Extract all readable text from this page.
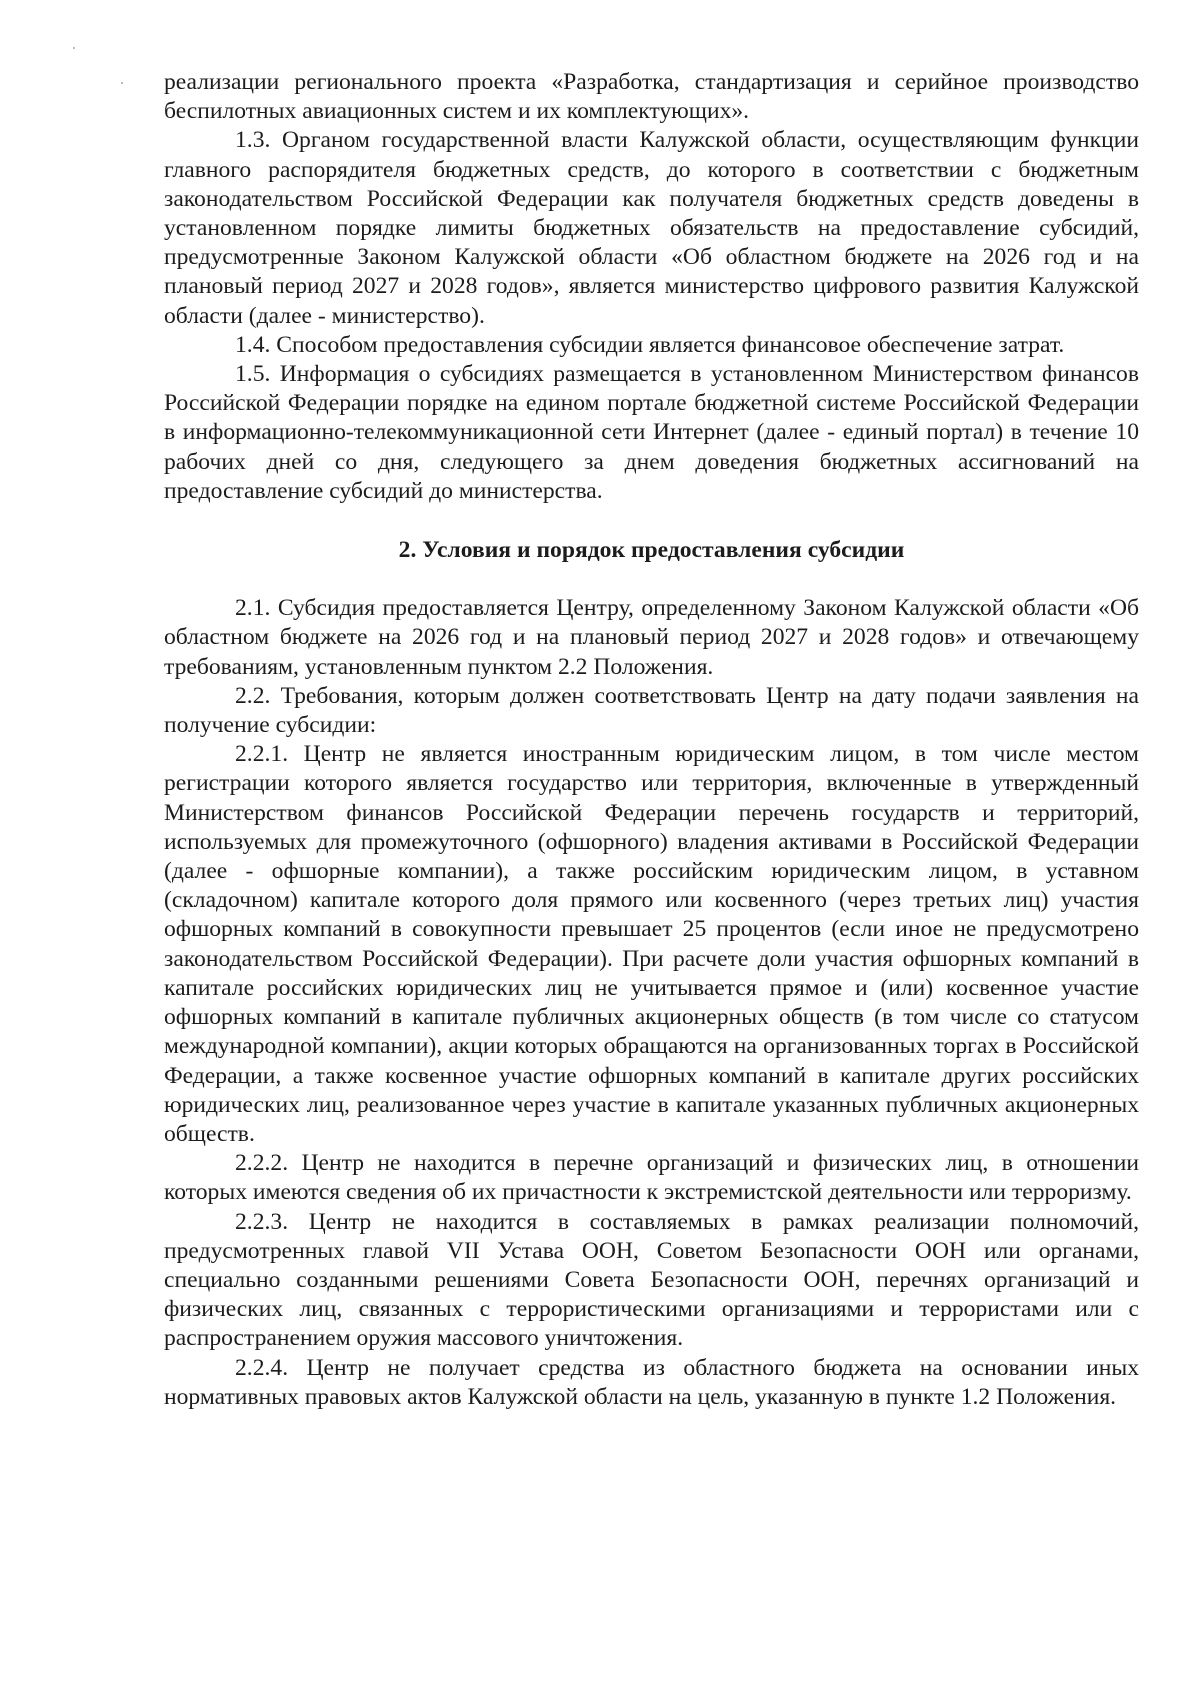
реализации регионального проекта «Разработка, стандартизация и серийное производство беспилотных авиационных систем и их комплектующих».

1.3. Органом государственной власти Калужской области, осуществляющим функции главного распорядителя бюджетных средств, до которого в соответствии с бюджетным законодательством Российской Федерации как получателя бюджетных средств доведены в установленном порядке лимиты бюджетных обязательств на предоставление субсидий, предусмотренные Законом Калужской области «Об областном бюджете на 2026 год и на плановый период 2027 и 2028 годов», является министерство цифрового развития Калужской области (далее - министерство).

1.4. Способом предоставления субсидии является финансовое обеспечение затрат.

1.5. Информация о субсидиях размещается в установленном Министерством финансов Российской Федерации порядке на едином портале бюджетной системе Российской Федерации в информационно-телекоммуникационной сети Интернет (далее - единый портал) в течение 10 рабочих дней со дня, следующего за днем доведения бюджетных ассигнований на предоставление субсидий до министерства.

2. Условия и порядок предоставления субсидии

2.1. Субсидия предоставляется Центру, определенному Законом Калужской области «Об областном бюджете на 2026 год и на плановый период 2027 и 2028 годов» и отвечающему требованиям, установленным пунктом 2.2 Положения.

2.2. Требования, которым должен соответствовать Центр на дату подачи заявления на получение субсидии:

2.2.1. Центр не является иностранным юридическим лицом, в том числе местом регистрации которого является государство или территория, включенные в утвержденный Министерством финансов Российской Федерации перечень государств и территорий, используемых для промежуточного (офшорного) владения активами в Российской Федерации (далее - офшорные компании), а также российским юридическим лицом, в уставном (складочном) капитале которого доля прямого или косвенного (через третьих лиц) участия офшорных компаний в совокупности превышает 25 процентов (если иное не предусмотрено законодательством Российской Федерации). При расчете доли участия офшорных компаний в капитале российских юридических лиц не учитывается прямое и (или) косвенное участие офшорных компаний в капитале публичных акционерных обществ (в том числе со статусом международной компании), акции которых обращаются на организованных торгах в Российской Федерации, а также косвенное участие офшорных компаний в капитале других российских юридических лиц, реализованное через участие в капитале указанных публичных акционерных обществ.

2.2.2. Центр не находится в перечне организаций и физических лиц, в отношении которых имеются сведения об их причастности к экстремистской деятельности или терроризму.

2.2.3. Центр не находится в составляемых в рамках реализации полномочий, предусмотренных главой VII Устава ООН, Советом Безопасности ООН или органами, специально созданными решениями Совета Безопасности ООН, перечнях организаций и физических лиц, связанных с террористическими организациями и террористами или с распространением оружия массового уничтожения.

2.2.4. Центр не получает средства из областного бюджета на основании иных нормативных правовых актов Калужской области на цель, указанную в пункте 1.2 Положения.
